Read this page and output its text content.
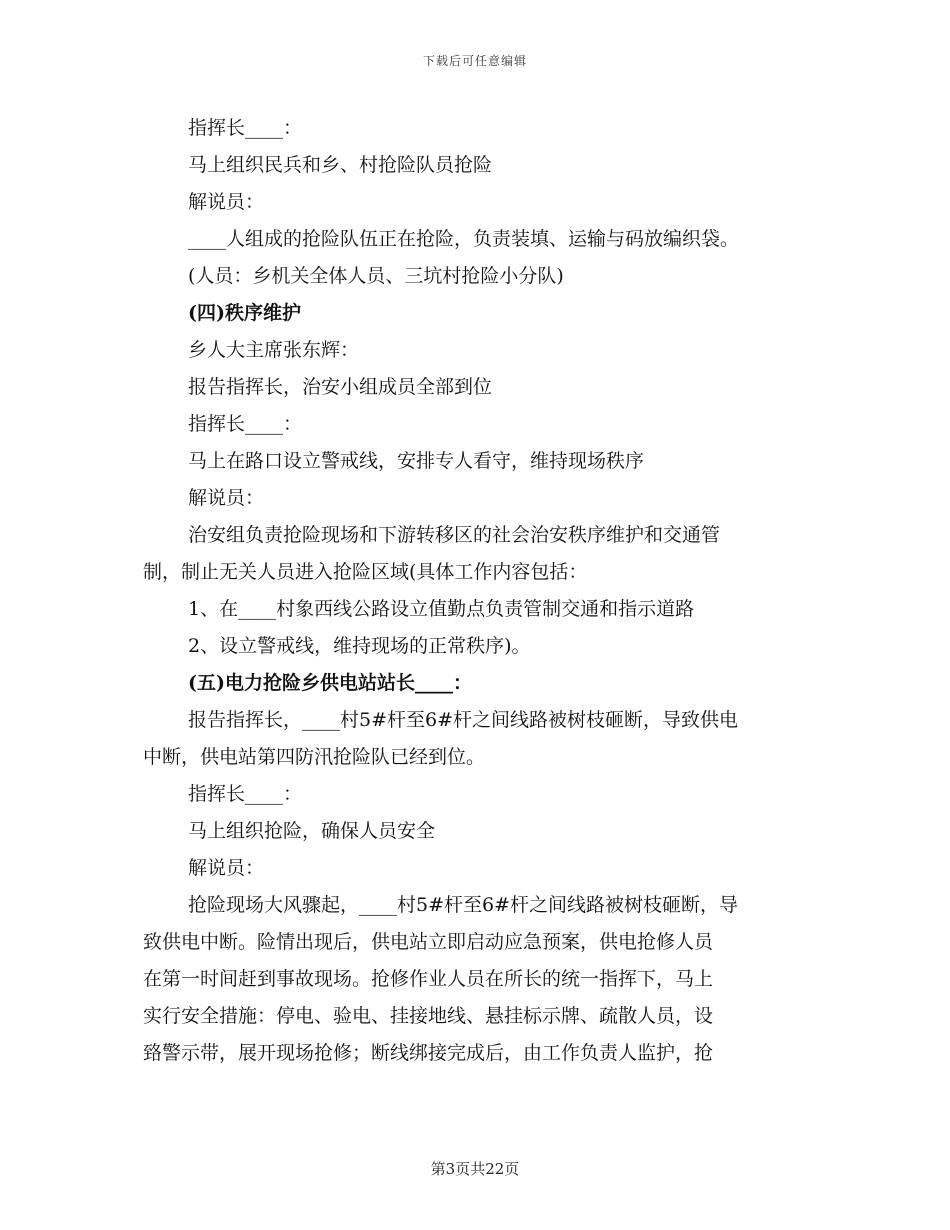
下载后可任意编辑
指挥长____：
马上组织民兵和乡、村抢险队员抢险
解说员：
____人组成的抢险队伍正在抢险，负责装填、运输与码放编织袋。
(人员：乡机关全体人员、三坑村抢险小分队)
(四)秩序维护
乡人大主席张东辉：
报告指挥长，治安小组成员全部到位
指挥长____：
马上在路口设立警戒线，安排专人看守，维持现场秩序
解说员：
治安组负责抢险现场和下游转移区的社会治安秩序维护和交通管
制，制止无关人员进入抢险区域(具体工作内容包括：
1、在____村象西线公路设立值勤点负责管制交通和指示道路
2、设立警戒线，维持现场的正常秩序)。
(五)电力抢险乡供电站站长____：
报告指挥长，____村5#杆至6#杆之间线路被树枝砸断，导致供电
中断，供电站第四防汛抢险队已经到位。
指挥长____：
马上组织抢险，确保人员安全
解说员：
抢险现场大风骤起，____村5#杆至6#杆之间线路被树枝砸断，导
致供电中断。险情出现后，供电站立即启动应急预案，供电抢修人员
在第一时间赶到事故现场。抢修作业人员在所长的统一指挥下，马上
实行安全措施：停电、验电、挂接地线、悬挂标示牌、疏散人员，设
臵警示带，展开现场抢修；断线绑接完成后，由工作负责人监护，抢
第3页共22页
